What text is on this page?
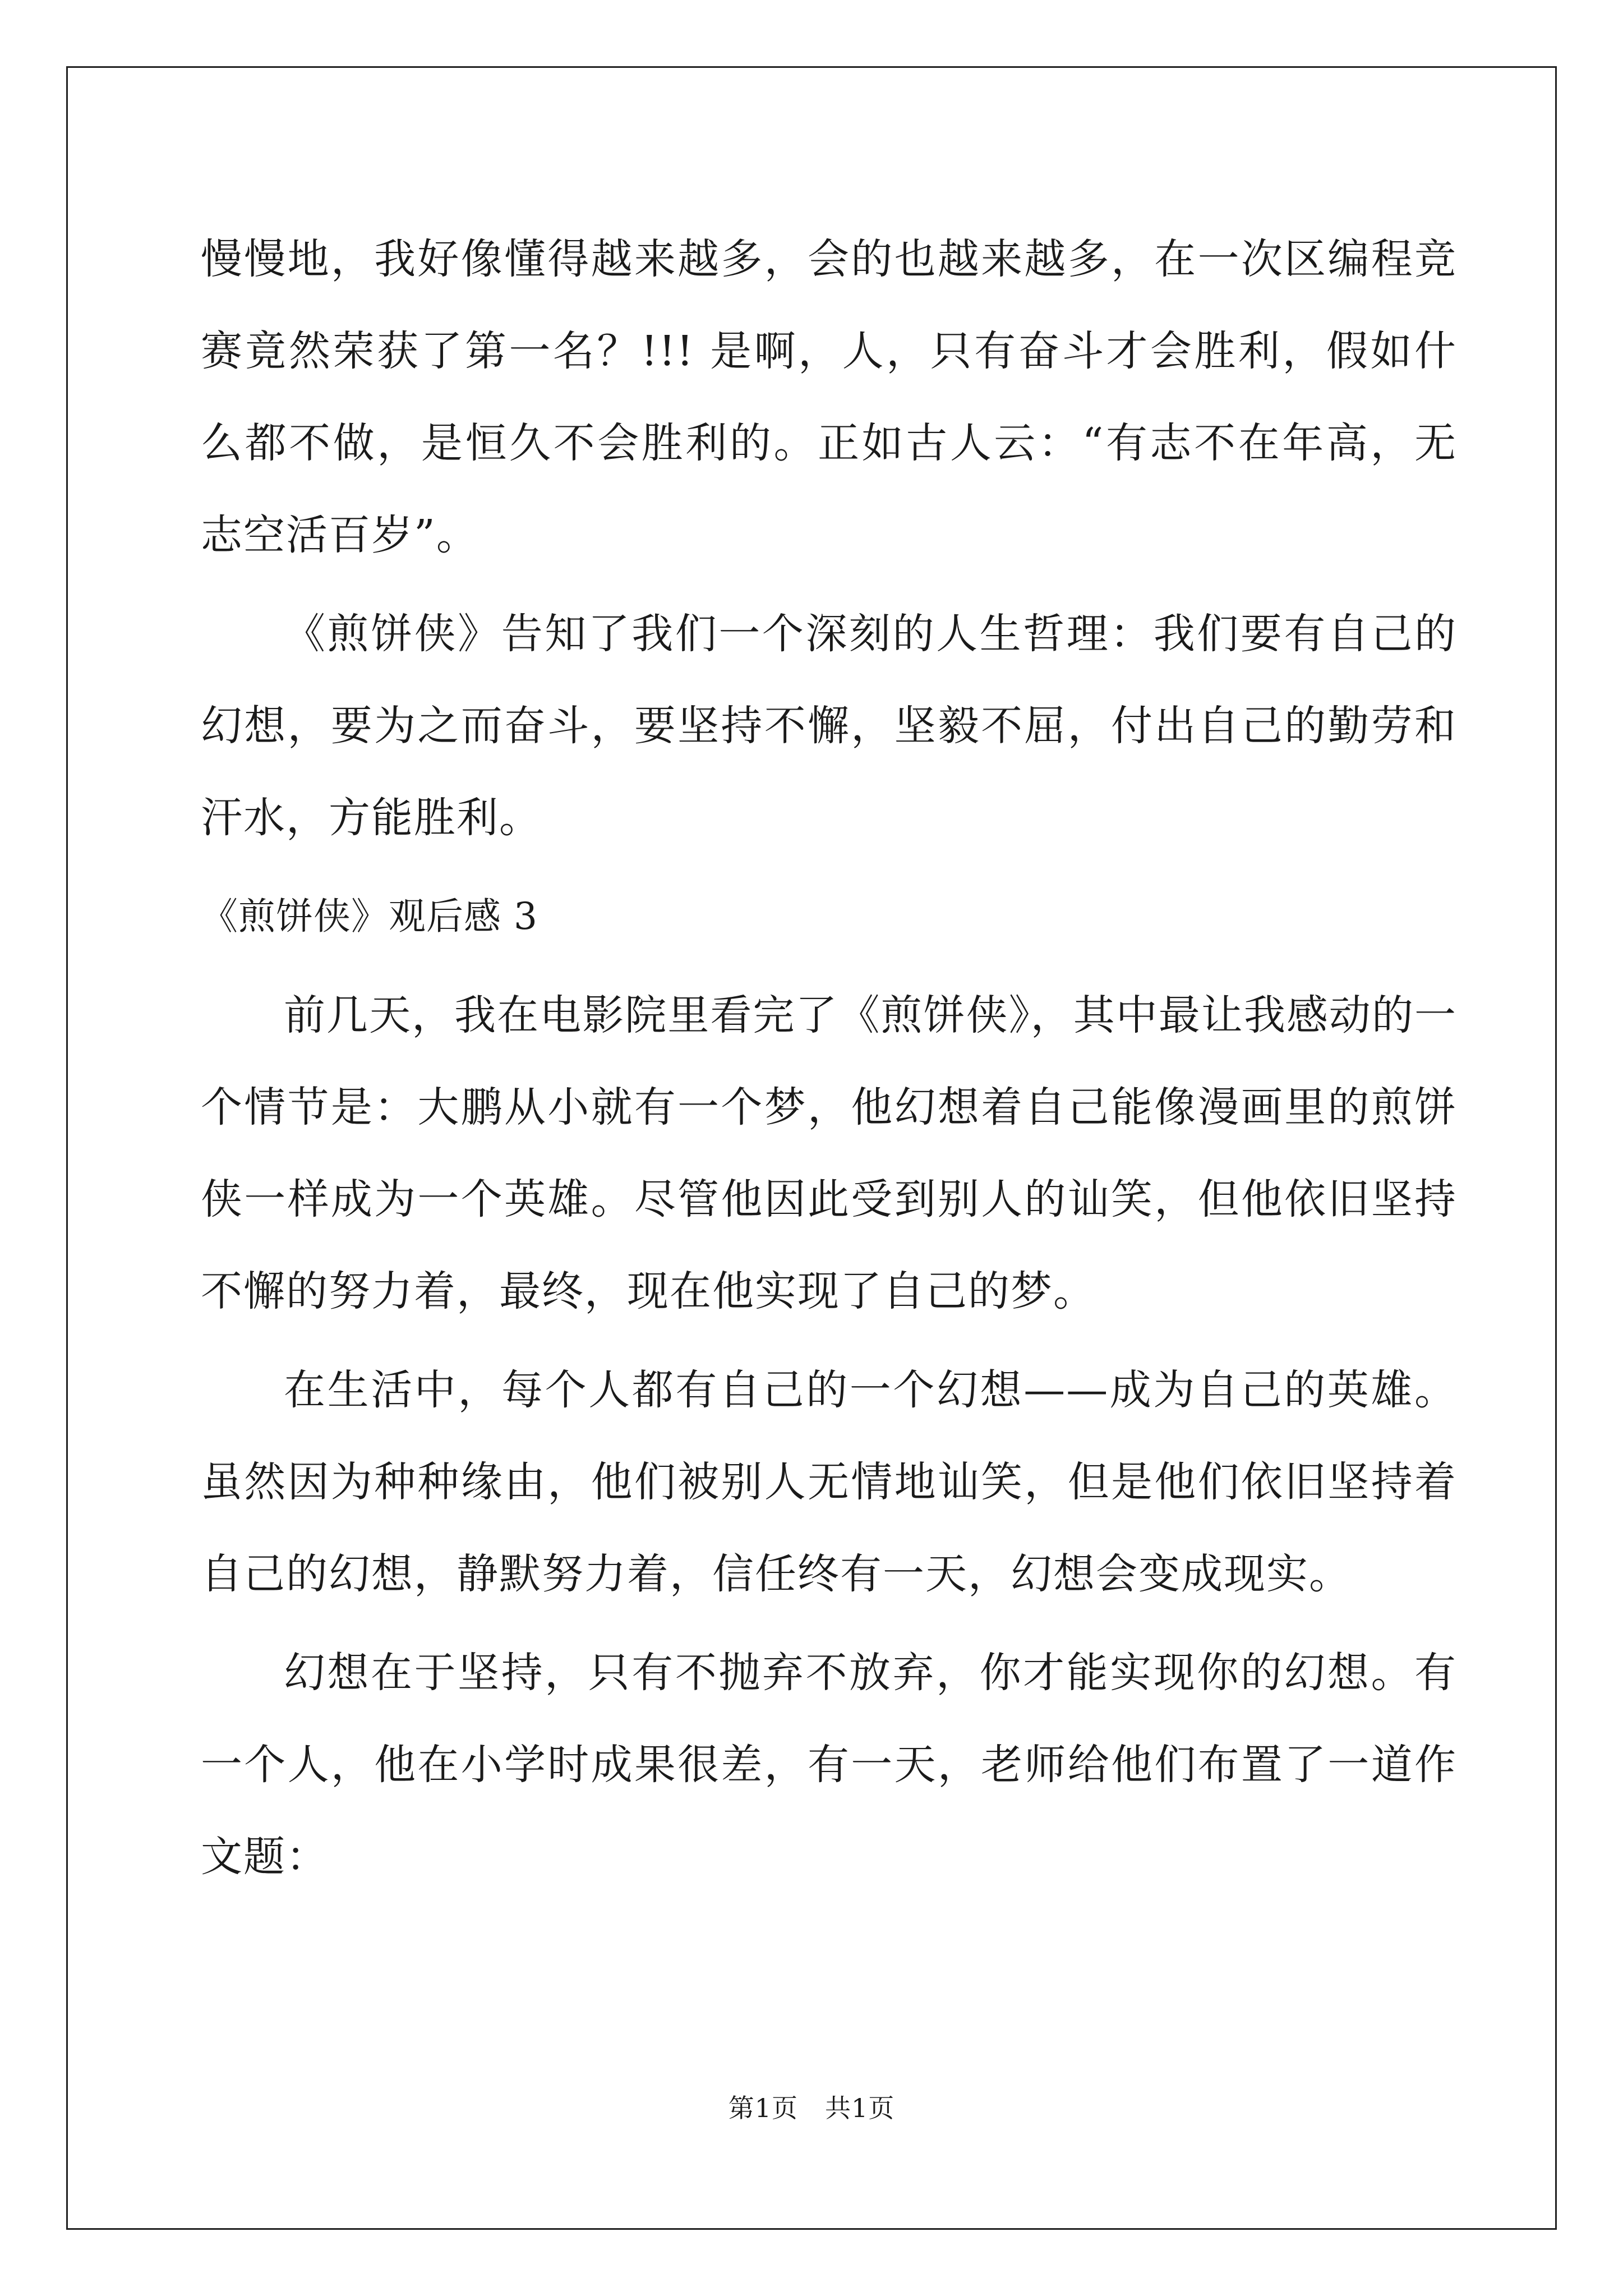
慢慢地，我好像懂得越来越多，会的也越来越多，在一次区编程竞赛竟然荣获了第一名？!!! 是啊，人，只有奋斗才会胜利，假如什么都不做，是恒久不会胜利的。正如古人云：“有志不在年高，无志空活百岁”。

《煎饼侠》告知了我们一个深刻的人生哲理：我们要有自己的幻想，要为之而奋斗，要坚持不懈，坚毅不屈，付出自己的勤劳和汗水，方能胜利。

《煎饼侠》观后感 3

前几天，我在电影院里看完了《煎饼侠》，其中最让我感动的一个情节是：大鹏从小就有一个梦，他幻想着自己能像漫画里的煎饼侠一样成为一个英雄。尽管他因此受到别人的讪笑，但他依旧坚持不懈的努力着，最终，现在他实现了自己的梦。

在生活中，每个人都有自己的一个幻想——成为自己的英雄。虽然因为种种缘由，他们被别人无情地讪笑，但是他们依旧坚持着自己的幻想，静默努力着，信任终有一天，幻想会变成现实。

幻想在于坚持，只有不抛弃不放弃，你才能实现你的幻想。有一个人，他在小学时成果很差，有一天，老师给他们布置了一道作文题：

第1页 共1页
